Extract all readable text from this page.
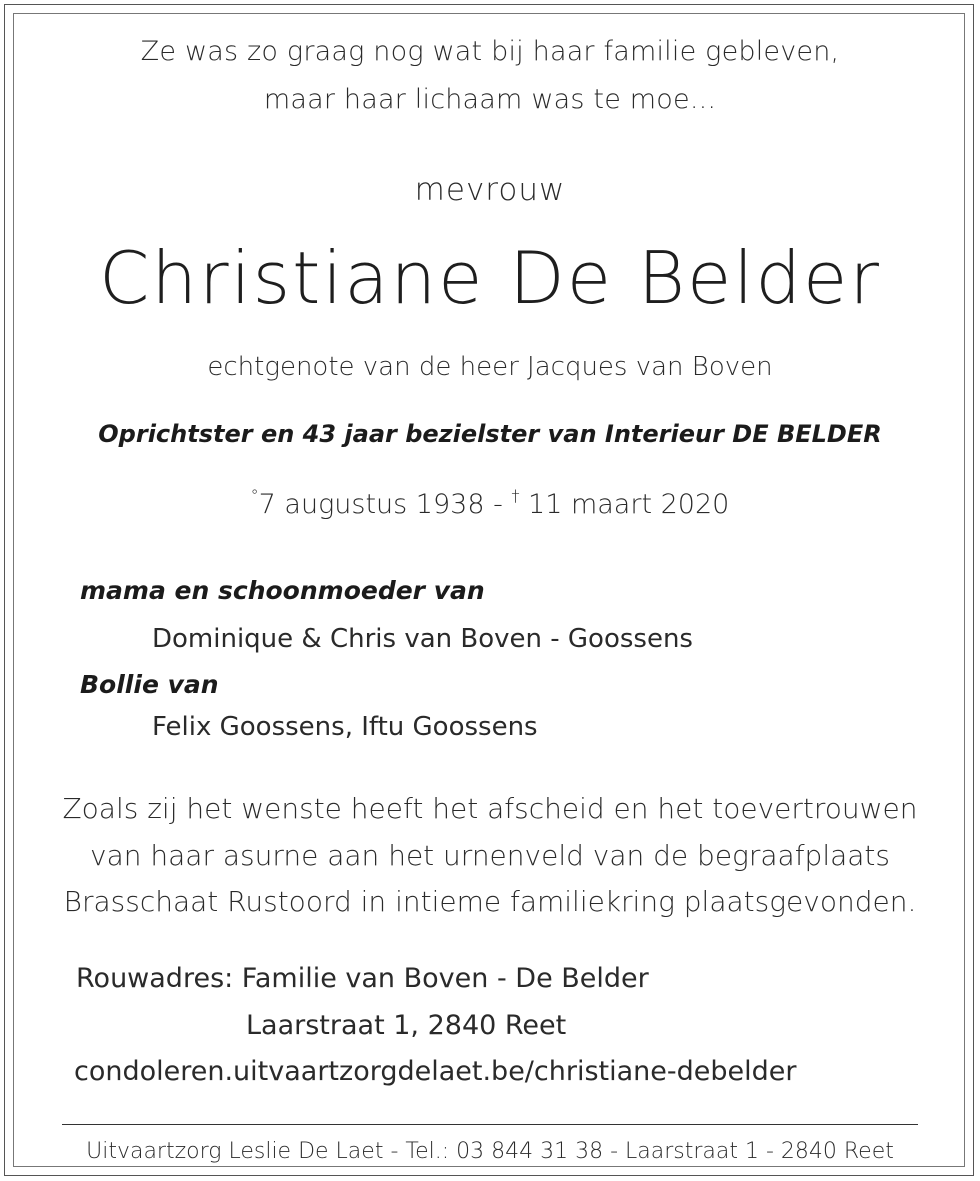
Ze was zo graag nog wat bij haar familie gebleven,
maar haar lichaam was te moe...
mevrouw
Christiane De Belder
echtgenote van de heer Jacques van Boven
Oprichtster en 43 jaar bezielster van Interieur DE BELDER
°7 augustus 1938 - † 11 maart 2020
mama en schoonmoeder van
Dominique & Chris van Boven - Goossens
Bollie van
Felix Goossens, Iftu Goossens
Zoals zij het wenste heeft het afscheid en het toevertrouwen
van haar asurne aan het urnenveld van de begraafplaats
Brasschaat Rustoord in intieme familiekring plaatsgevonden.
Rouwadres: Familie van Boven - De Belder
Laarstraat 1, 2840 Reet
condoleren.uitvaartzorgdelaet.be/christiane-debelder
Uitvaartzorg Leslie De Laet - Tel.: 03 844 31 38 - Laarstraat 1 - 2840 Reet
